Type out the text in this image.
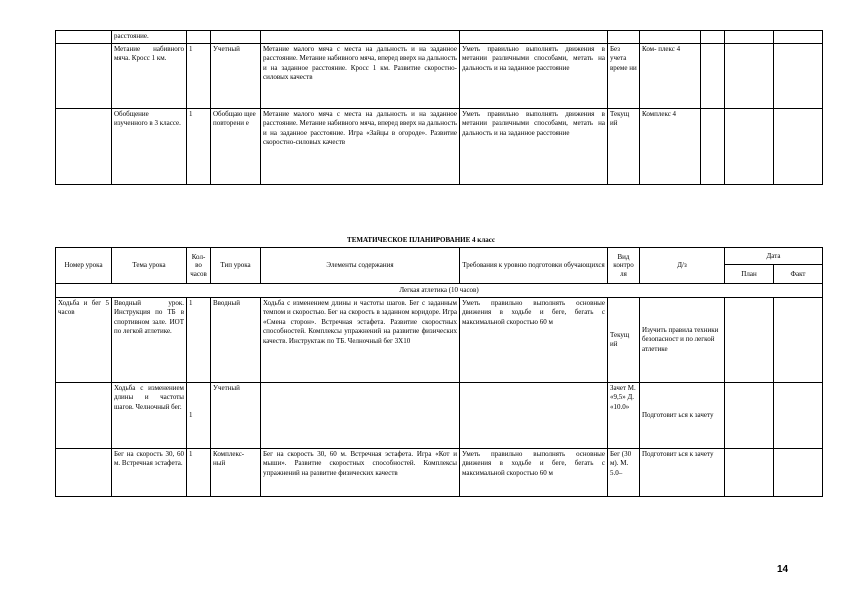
	расстояние.									
	Метание набивного мяча. Кросс 1 км.	1	Учетный	Метание малого мяча с места на дальность и на заданное расстояние. Метание набивного мяча, вперед вверх на дальность и на заданное расстояние. Кросс 1 км. Развитие скоростно-силовых качеств	Уметь правильно выполнять движения в метании различными способами, метать на дальность и на заданное расстояние	Без учета време ни	Ком- плекс 4			
	Обобщение изученного в 3 классе.	1	Обобщаю щее повторени е	Метание малого мяча с места на дальность и на заданное расстояние. Метание набивного мяча, вперед вверх на дальность и на заданное расстояние. Игра «Зайцы в огороде». Развитие скоростно-силовых качеств	Уметь правильно выполнять движения в метании различными способами, метать на дальность и на заданное расстояние	Текущ ий	Комплекс 4			
ТЕМАТИЧЕСКОЕ ПЛАНИРОВАНИЕ 4 класс
Номер урока	Тема урока	Кол- во часов	Тип урока	Элементы содержания	Требования к уровню подготовки обучающихся	Вид контро ля	Д/з	Дата	
								План	Факт
Легкая атлетика (10 часов)									
Ходьба и бег 5 часов	Вводный урок. Инструкция по ТБ в спортивном зале. ИОТ по легкой атлетике.	1	Вводный	Ходьба с изменением длины и частоты шагов. Бег с заданным темпом и скоростью. Бег на скорость в заданном коридоре. Игра «Смена сторон». Встречная эстафета. Развитие скоростных способностей. Комплексы упражнений на развитие физических качеств. Инструктаж по ТБ. Челночный бег 3Х10	Уметь правильно выполнять основные движения в ходьбе и беге, бегать с максимальной скоростью 60 м	Текущ ий	Изучить правила техники безопасност и по легкой атлетике		
	Ходьба с изменением длины и частоты шагов. Челночный бег.	1	Учетный			Зачет М. «9,5» Д. «10.0»	Подготовит ься к зачету		
	Бег на скорость 30, 60 м. Встречная эстафета.	1	Комплекс- ный	Бег на скорость 30, 60 м. Встречная эстафета. Игра «Кот и мыши». Развитие скоростных способностей. Комплексы упражнений на развитие физических качеств	Уметь правильно выполнять основные движения в ходьбе и беге, бегать с максимальной скоростью 60 м	Бег (30 м). М. 5.0–	Подготовит ься к зачету		
14
